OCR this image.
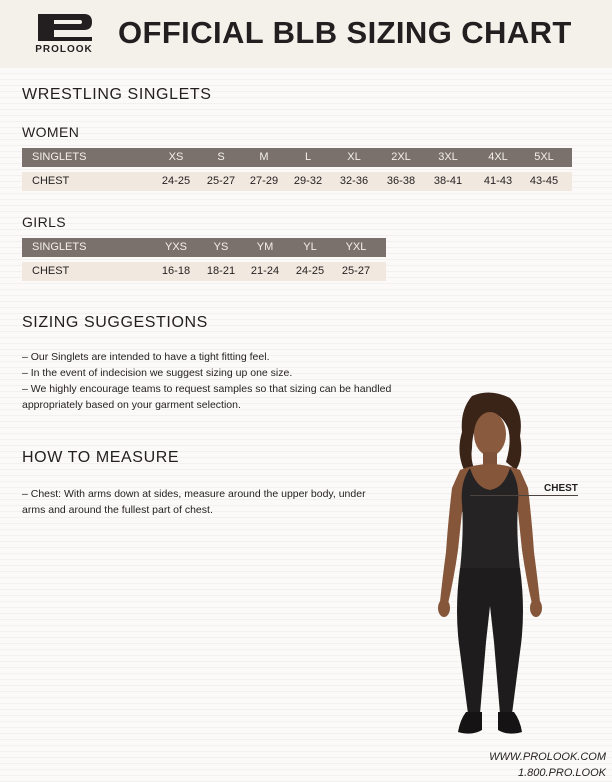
PROLOOK OFFICIAL BLB SIZING CHART
WRESTLING SINGLETS
WOMEN
SINGLETS	XS	S	M	L	XL	2XL	3XL	4XL	5XL
CHEST	24-25	25-27	27-29	29-32	32-36	36-38	38-41	41-43	43-45
GIRLS
SINGLETS	YXS	YS	YM	YL	YXL
CHEST	16-18	18-21	21-24	24-25	25-27
SIZING SUGGESTIONS
– Our Singlets are intended to have a tight fitting feel.
– In the event of indecision we suggest sizing up one size.
– We highly encourage teams to request samples so that sizing can be handled
appropriately based on your garment selection.
HOW TO MEASURE
– Chest: With arms down at sides, measure around the upper body, under
arms and around the fullest part of chest.
CHEST
WWW.PROLOOK.COM
1.800.PRO.LOOK
